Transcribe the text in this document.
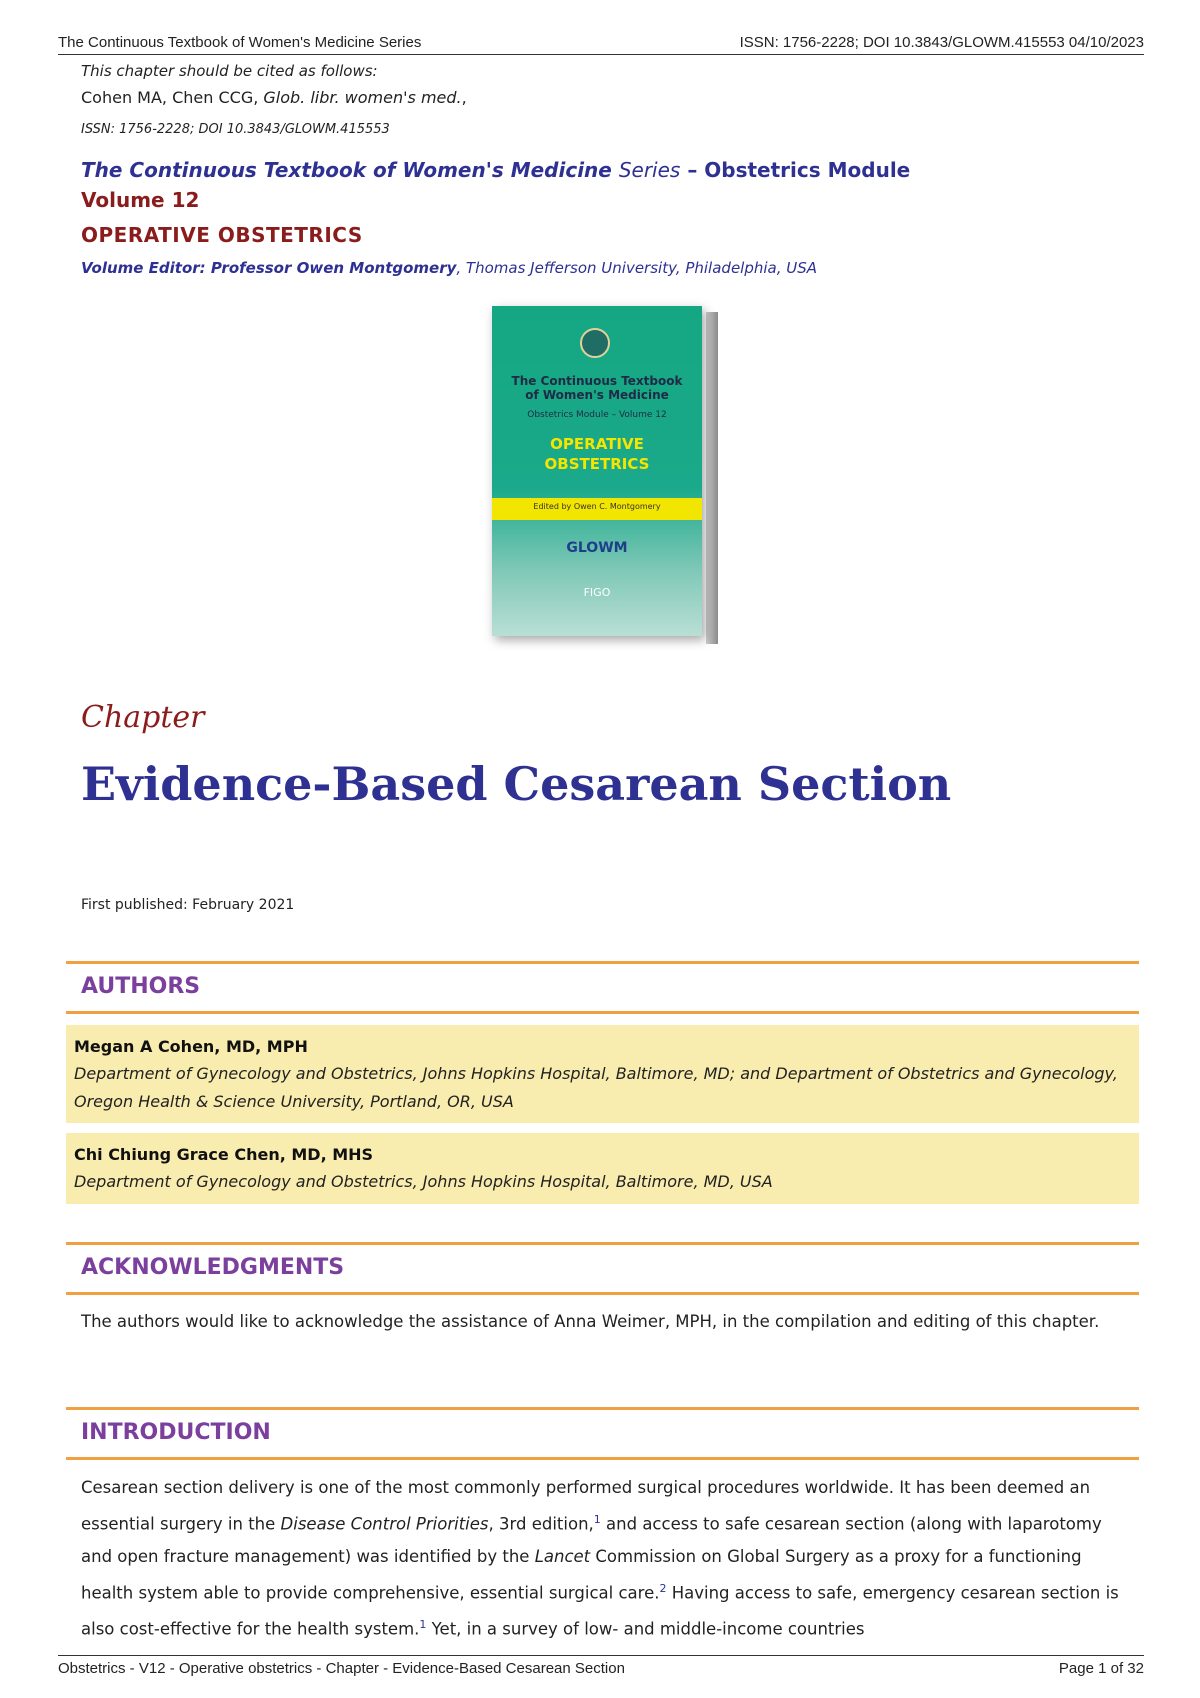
The Continuous Textbook of Women's Medicine Series	ISSN: 1756-2228; DOI 10.3843/GLOWM.415553 04/10/2023
This chapter should be cited as follows:
Cohen MA, Chen CCG, Glob. libr. women's med.,
ISSN: 1756-2228; DOI 10.3843/GLOWM.415553
The Continuous Textbook of Women's Medicine Series – Obstetrics Module
Volume 12
OPERATIVE OBSTETRICS
Volume Editor: Professor Owen Montgomery, Thomas Jefferson University, Philadelphia, USA
The Continuous Textbook
of Women's Medicine
Obstetrics Module – Volume 12
OPERATIVE
OBSTETRICS
Edited by Owen C. Montgomery
GLOWM
FIGO
Chapter
Evidence-Based Cesarean Section
First published: February 2021
AUTHORS
Megan A Cohen, MD, MPH
Department of Gynecology and Obstetrics, Johns Hopkins Hospital, Baltimore, MD; and Department of Obstetrics and Gynecology, Oregon Health & Science University, Portland, OR, USA
Chi Chiung Grace Chen, MD, MHS
Department of Gynecology and Obstetrics, Johns Hopkins Hospital, Baltimore, MD, USA
ACKNOWLEDGMENTS
The authors would like to acknowledge the assistance of Anna Weimer, MPH, in the compilation and editing of this chapter.
INTRODUCTION
Cesarean section delivery is one of the most commonly performed surgical procedures worldwide. It has been deemed an essential surgery in the Disease Control Priorities, 3rd edition,$^1$ and access to safe cesarean section (along with laparotomy and open fracture management) was identified by the Lancet Commission on Global Surgery as a proxy for a functioning health system able to provide comprehensive, essential surgical care.$^2$ Having access to safe, emergency cesarean section is also cost-effective for the health system.$^1$ Yet, in a survey of low- and middle-income countries
Obstetrics - V12 - Operative obstetrics - Chapter - Evidence-Based Cesarean Section	Page 1 of 32
